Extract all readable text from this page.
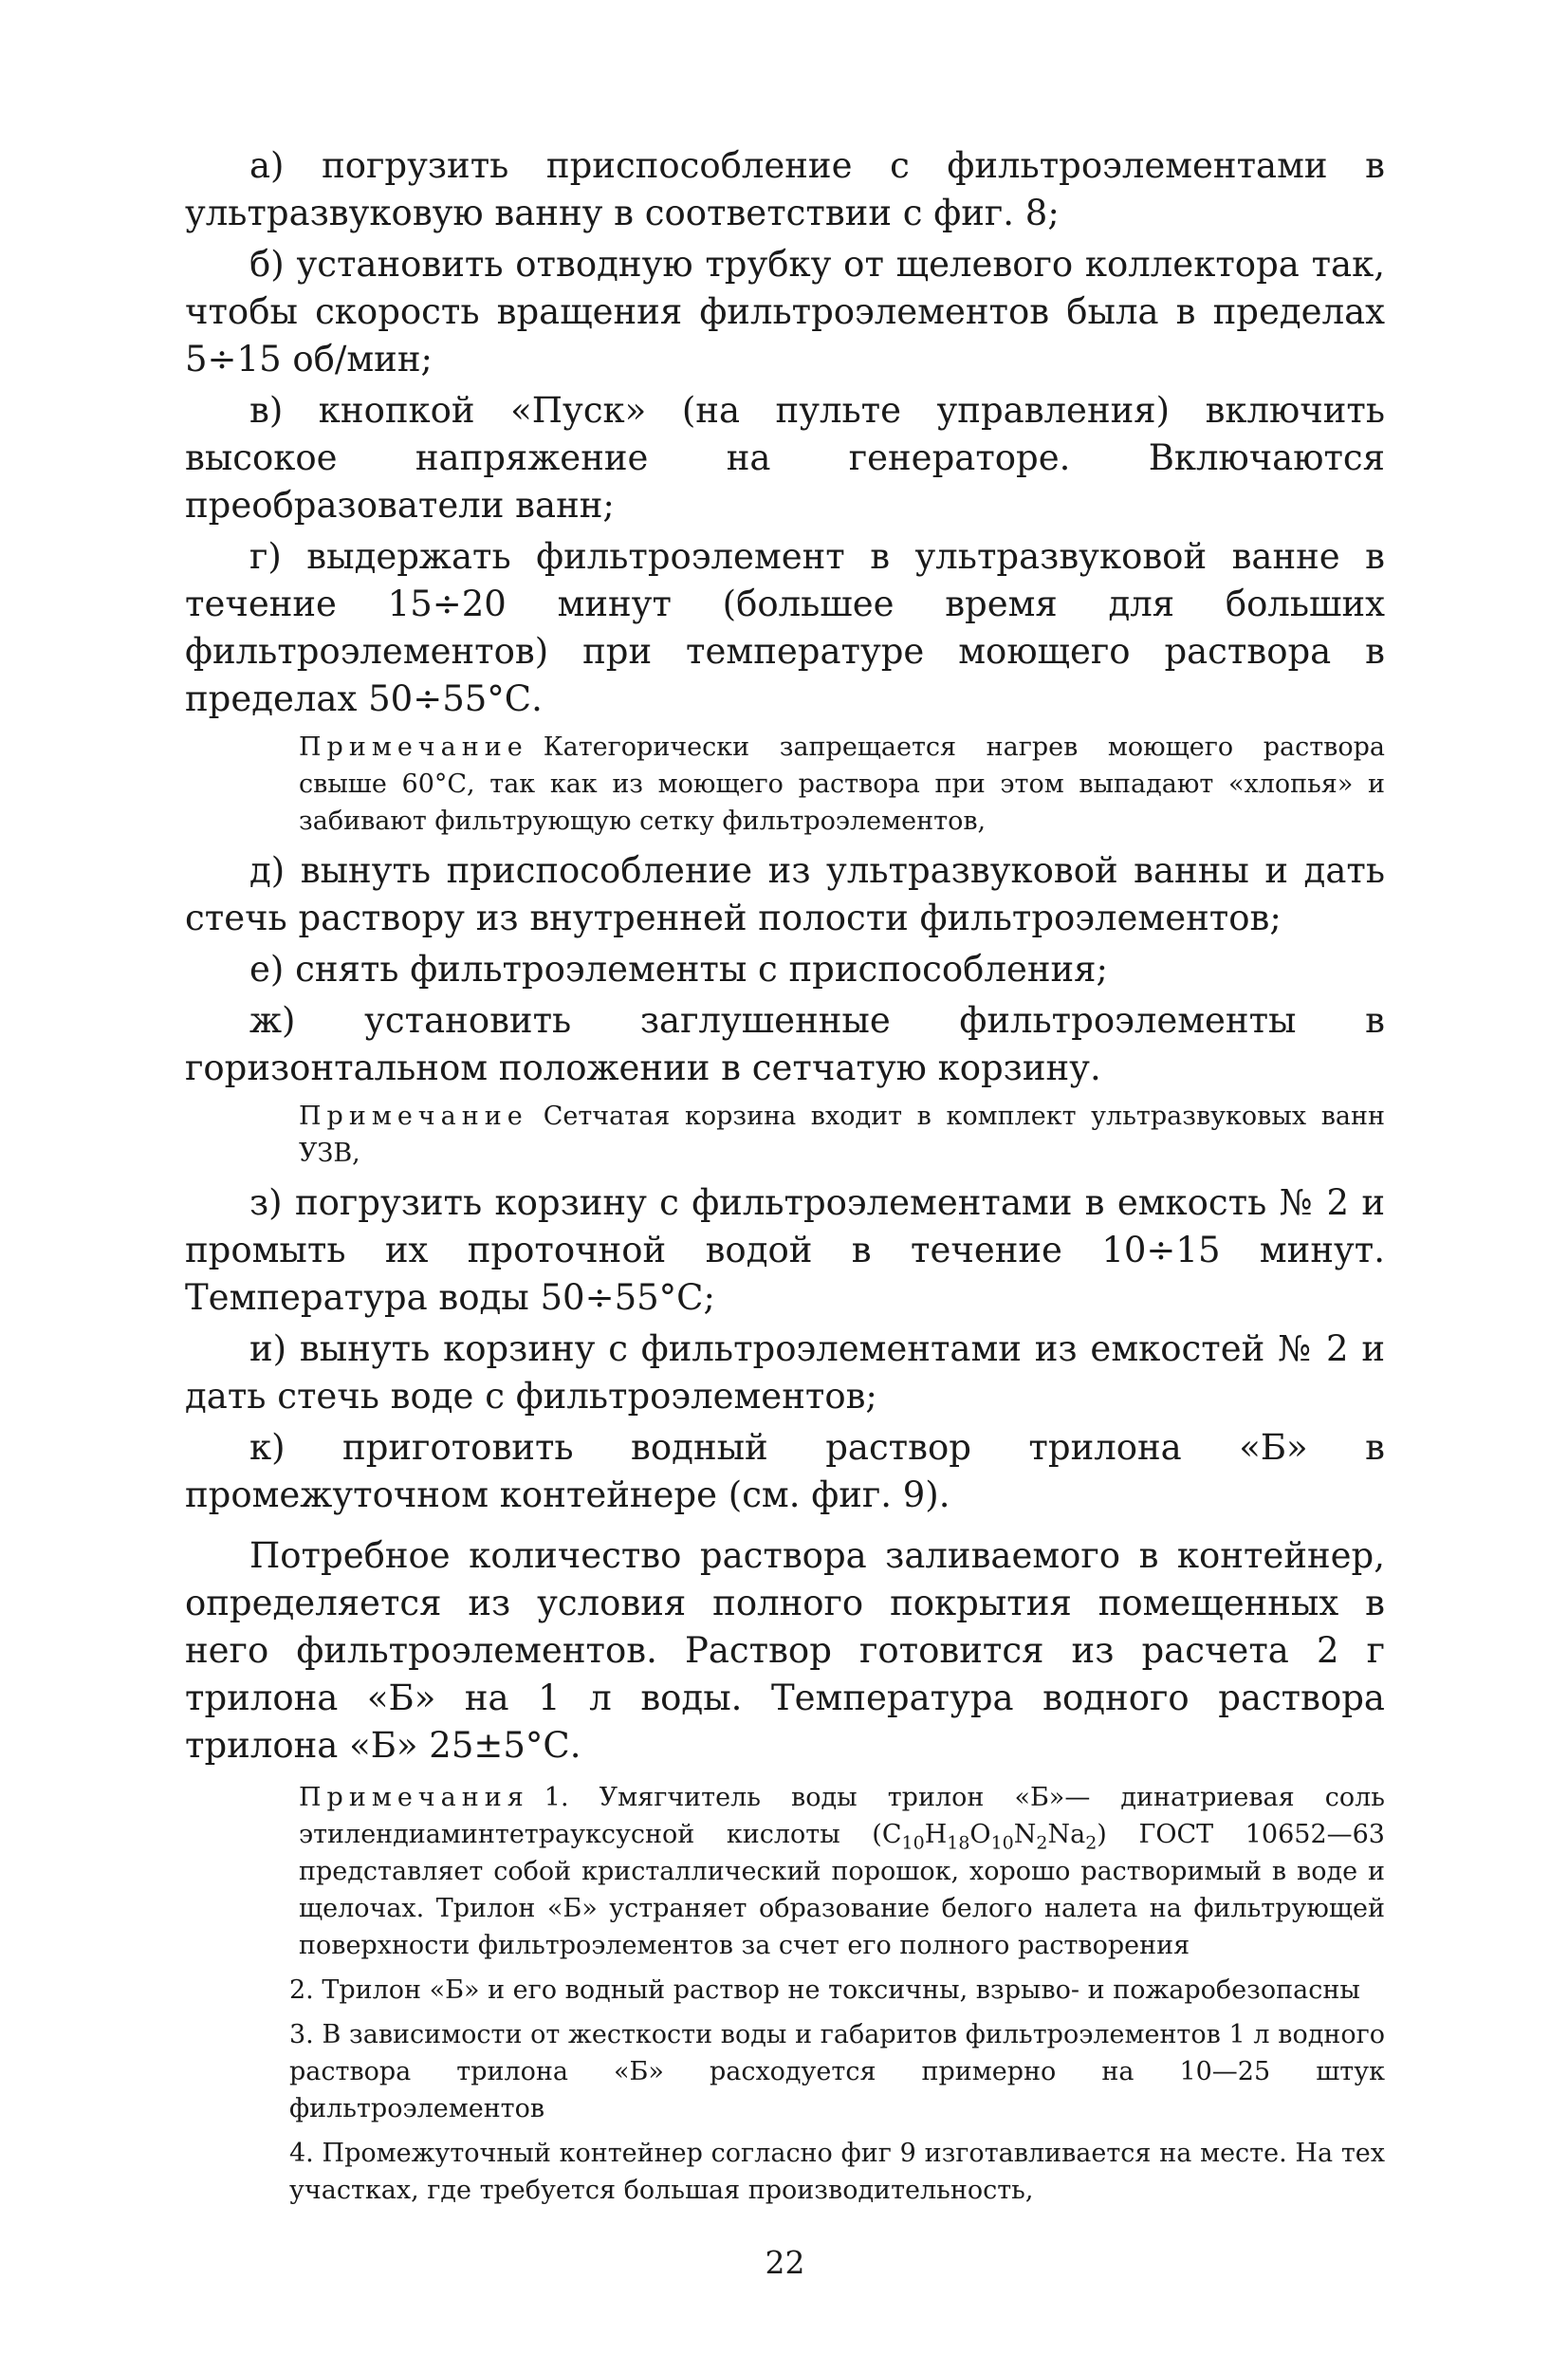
а) погрузить приспособление с фильтроэлементами в ультразвуковую ванну в соответствии с фиг. 8;

б) установить отводную трубку от щелевого коллектора так, чтобы скорость вращения фильтроэлементов была в пределах 5÷15 об/мин;

в) кнопкой «Пуск» (на пульте управления) включить высокое напряжение на генераторе. Включаются преобразователи ванн;

г) выдержать фильтроэлемент в ультразвуковой ванне в течение 15÷20 минут (большее время для больших фильтроэлементов) при температуре моющего раствора в пределах 50÷55°С.

Примечание Категорически запрещается нагрев моющего раствора свыше 60°С, так как из моющего раствора при этом выпадают «хлопья» и забивают фильтрующую сетку фильтроэлементов,

д) вынуть приспособление из ультразвуковой ванны и дать стечь раствору из внутренней полости фильтроэлементов;

е) снять фильтроэлементы с приспособления;

ж) установить заглушенные фильтроэлементы в горизонтальном положении в сетчатую корзину.

Примечание Сетчатая корзина входит в комплект ультразвуковых ванн УЗВ,

з) погрузить корзину с фильтроэлементами в емкость № 2 и промыть их проточной водой в течение 10÷15 минут. Температура воды 50÷55°С;

и) вынуть корзину с фильтроэлементами из емкостей № 2 и дать стечь воде с фильтроэлементов;

к) приготовить водный раствор трилона «Б» в промежуточном контейнере (см. фиг. 9).

Потребное количество раствора заливаемого в контейнер, определяется из условия полного покрытия помещенных в него фильтроэлементов. Раствор готовится из расчета 2 г трилона «Б» на 1 л воды. Температура водного раствора трилона «Б» 25±5°С.

Примечания 1. Умягчитель воды трилон «Б»— динатриевая соль этилендиаминтетрауксусной кислоты $(C_{10}H_{18}O_{10}N_2Na_2)$ ГОСТ 10652—63 представляет собой кристаллический порошок, хорошо растворимый в воде и щелочах. Трилон «Б» устраняет образование белого налета на фильтрующей поверхности фильтроэлементов за счет его полного растворения

2. Трилон «Б» и его водный раствор не токсичны, взрыво- и пожаробезопасны

3. В зависимости от жесткости воды и габаритов фильтроэлементов 1 л водного раствора трилона «Б» расходуется примерно на 10—25 штук фильтроэлементов

4. Промежуточный контейнер согласно фиг 9 изготавливается на месте. На тех участках, где требуется большая производительность,

22
